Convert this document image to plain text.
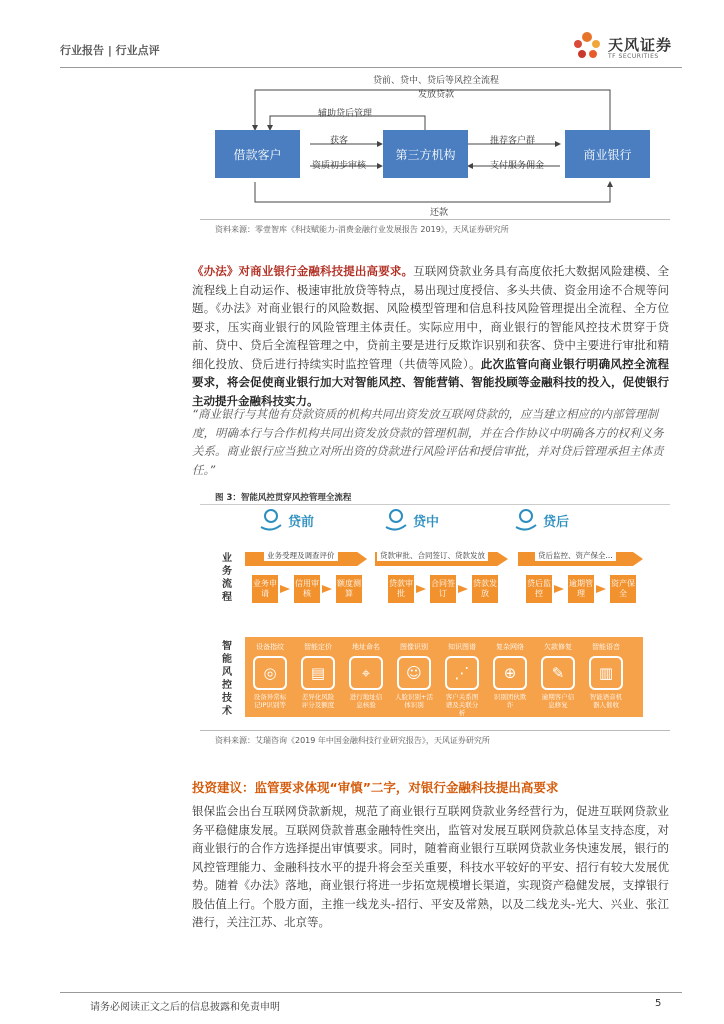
行业报告 | 行业点评	天风证券
TF SECURITIES
借款客户	第三方机构	商业银行
贷前、贷中、贷后等风控全流程
发放贷款
辅助贷后管理
获客
资质初步审核
推荐客户群
支付服务佣金
还款
资料来源：零壹智库《科技赋能力-消费金融行业发展报告 2019》，天风证券研究所
《办法》对商业银行金融科技提出高要求。互联网贷款业务具有高度依托大数据风险建模、全流程线上自动运作、极速审批放贷等特点，易出现过度授信、多头共债、资金用途不合规等问题。《办法》对商业银行的风险数据、风险模型管理和信息科技风险管理提出全流程、全方位要求，压实商业银行的风险管理主体责任。实际应用中，商业银行的智能风控技术贯穿于贷前、贷中、贷后全流程管理之中，贷前主要是进行反欺诈识别和获客、贷中主要进行审批和精细化投放、贷后进行持续实时监控管理（共债等风险）。此次监管向商业银行明确风控全流程要求，将会促使商业银行加大对智能风控、智能营销、智能投顾等金融科技的投入，促使银行主动提升金融科技实力。
“商业银行与其他有贷款资质的机构共同出资发放互联网贷款的，应当建立相应的内部管理制度，明确本行与合作机构共同出资发放贷款的管理机制，并在合作协议中明确各方的权利义务关系。商业银行应当独立对所出资的贷款进行风险评估和授信审批，并对贷后管理承担主体责任。”
图 3：智能风控贯穿风控管理全流程
贷前	贷中	贷后
业务流程
智能风控技术
业务受理及调查评价	贷款审批、合同签订、贷款发放	贷后监控、资产保全...
业务申请
信用审核
额度测算
贷款审批
合同签订
贷款发放
贷后监控
逾期管理
资产保全
设备指纹
◎
设备异常标记IP识别等
智能定价
▤
差异化风险评分及额度
地址命名
⌖
进行地址信息核验
图像识别
☺
人脸识别+活体识别
知识图谱
⋰
客户关系图谱及关联分析
复杂网络
⊕
识别团伙欺诈
欠款修复
✎
逾期客户信息修复
智能语音
▥
智能语音机器人催收
资料来源：艾瑞咨询《2019 年中国金融科技行业研究报告》，天风证券研究所
投资建议：监管要求体现“审慎”二字，对银行金融科技提出高要求
银保监会出台互联网贷款新规，规范了商业银行互联网贷款业务经营行为，促进互联网贷款业务平稳健康发展。互联网贷款普惠金融特性突出，监管对发展互联网贷款总体呈支持态度，对商业银行的合作方选择提出审慎要求。同时，随着商业银行互联网贷款业务快速发展，银行的风控管理能力、金融科技水平的提升将会至关重要，科技水平较好的平安、招行有较大发展优势。随着《办法》落地，商业银行将进一步拓宽规模增长渠道，实现资产稳健发展，支撑银行股估值上行。个股方面，主推一线龙头-招行、平安及常熟，以及二线龙头-光大、兴业、张江港行，关注江苏、北京等。
请务必阅读正文之后的信息披露和免责申明	5
